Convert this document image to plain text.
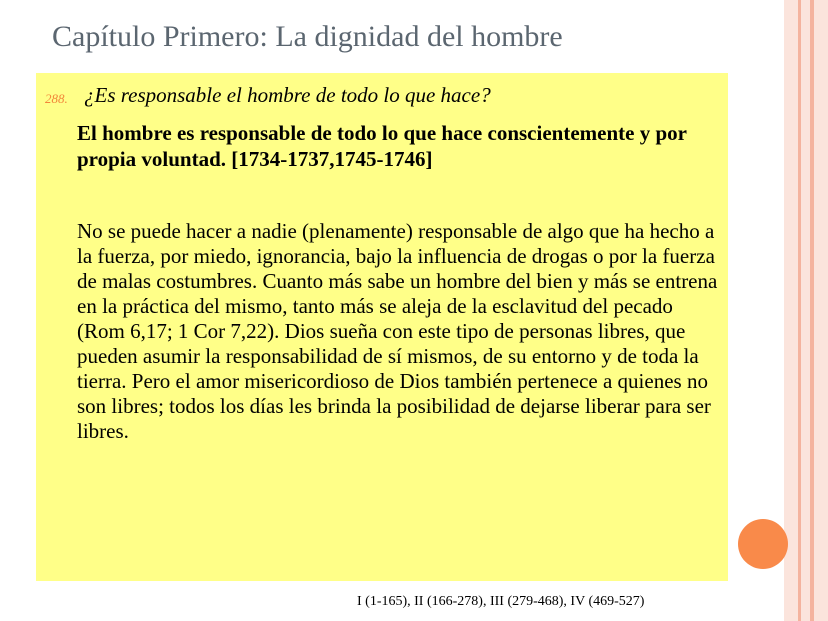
Capítulo Primero: La dignidad del hombre
288. ¿Es responsable el hombre de todo lo que hace?
El hombre es responsable de todo lo que hace conscientemente y por propia voluntad. [1734-1737,1745-1746]
No se puede hacer a nadie (plenamente) responsable de algo que ha hecho a la fuerza, por miedo, ignorancia, bajo la influencia de drogas o por la fuerza de malas costumbres. Cuanto más sabe un hombre del bien y más se entrena en la práctica del mismo, tanto más se aleja de la esclavitud del pecado (Rom 6,17; 1 Cor 7,22). Dios sueña con este tipo de personas libres, que pueden asumir la responsabilidad de sí mismos, de su entorno y de toda la tierra. Pero el amor misericordioso de Dios también pertenece a quienes no son libres; todos los días les brinda la posibilidad de dejarse liberar para ser libres.
I (1-165), II (166-278), III (279-468), IV (469-527)
